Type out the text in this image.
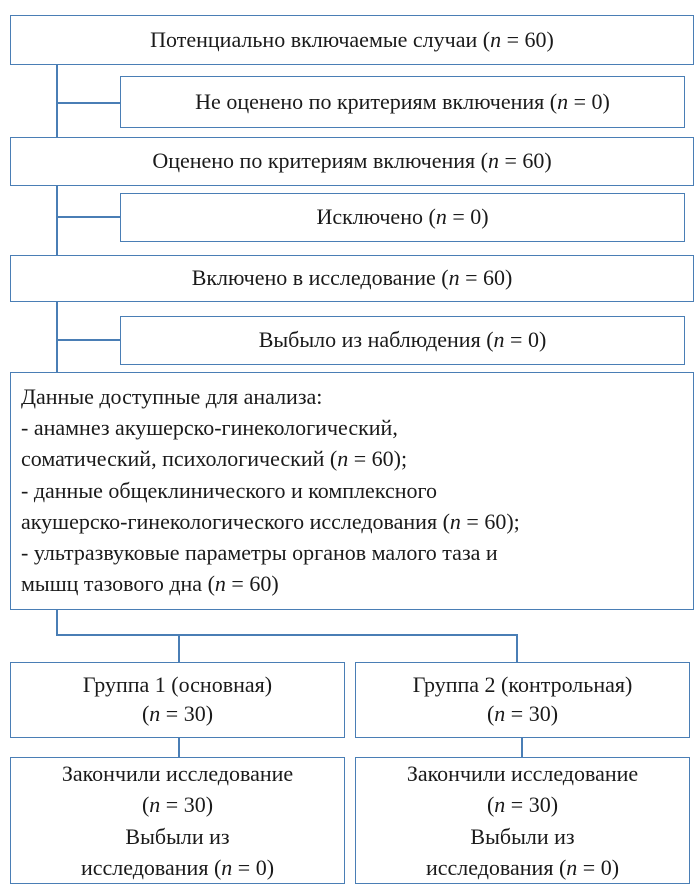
Потенциально включаемые случаи (n = 60)
Не оценено по критериям включения (n = 0)
Оценено по критериям включения (n = 60)
Исключено (n = 0)
Включено в исследование (n = 60)
Выбыло из наблюдения (n = 0)
Данные доступные для анализа:
- анамнез акушерско-гинекологический,
соматический, психологический (n = 60);
- данные общеклинического и комплексного
акушерско-гинекологического исследования (n = 60);
- ультразвуковые параметры органов малого таза и
мышц тазового дна (n = 60)
Группа 1 (основная)
(n = 30)
Группа 2 (контрольная)
(n = 30)
Закончили исследование
(n = 30)
Выбыли из
исследования (n = 0)
Закончили исследование
(n = 30)
Выбыли из
исследования (n = 0)
